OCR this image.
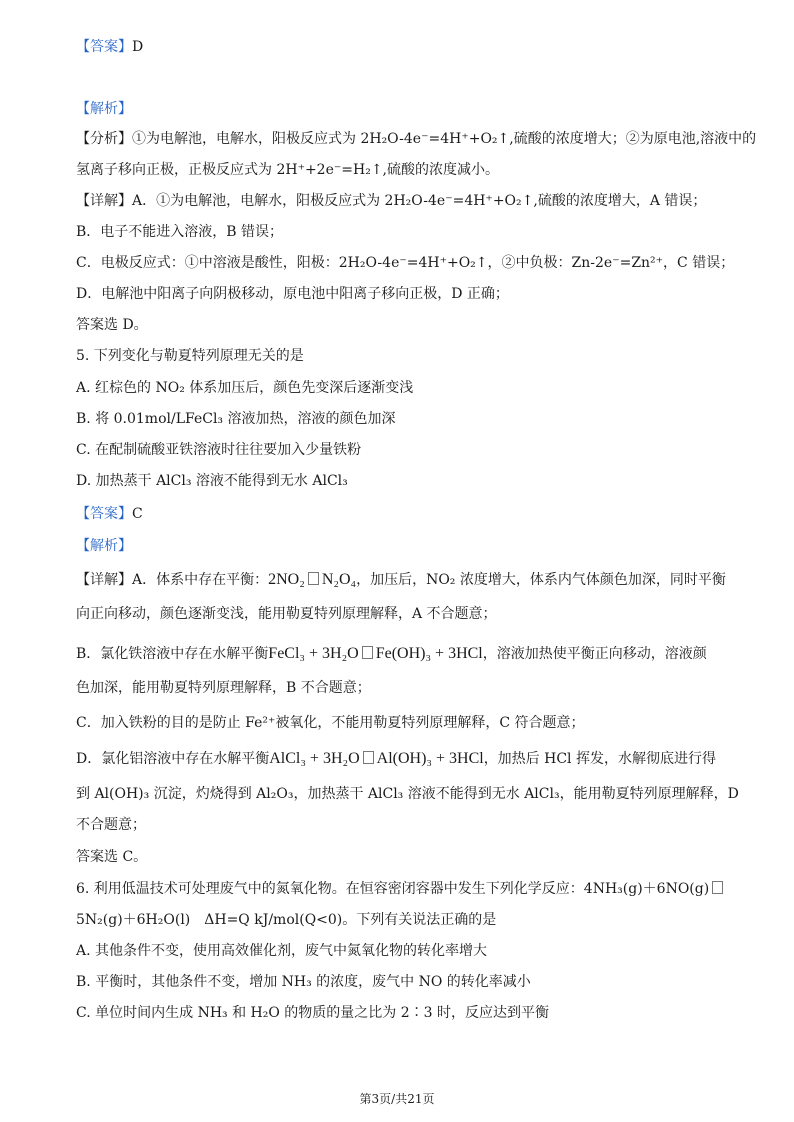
【答案】D
【解析】
【分析】①为电解池，电解水，阳极反应式为 2H₂O-4e⁻=4H⁺+O₂↑,硫酸的浓度增大；②为原电池,溶液中的
氢离子移向正极，正极反应式为 2H⁺+2e⁻=H₂↑,硫酸的浓度减小。
【详解】A．①为电解池，电解水，阳极反应式为 2H₂O-4e⁻=4H⁺+O₂↑,硫酸的浓度增大，A 错误；
B．电子不能进入溶液，B 错误；
C．电极反应式：①中溶液是酸性，阳极：2H₂O-4e⁻=4H⁺+O₂↑，②中负极：Zn-2e⁻=Zn²⁺，C 错误；
D．电解池中阳离子向阴极移动，原电池中阳离子移向正极，D 正确；
答案选 D。
5. 下列变化与勒夏特列原理无关的是
A. 红棕色的 NO₂ 体系加压后，颜色先变深后逐渐变浅
B. 将 0.01mol/LFeCl₃ 溶液加热，溶液的颜色加深
C. 在配制硫酸亚铁溶液时往往要加入少量铁粉
D. 加热蒸干 AlCl₃ 溶液不能得到无水 AlCl₃
【答案】C
【解析】
【详解】A．体系中存在平衡：2NO₂ N₂O₄，加压后，NO₂ 浓度增大，体系内气体颜色加深，同时平衡
向正向移动，颜色逐渐变浅，能用勒夏特列原理解释，A 不合题意；
B．氯化铁溶液中存在水解平衡FeCl₃ + 3H₂O Fe(OH)₃ + 3HCl，溶液加热使平衡正向移动，溶液颜
色加深，能用勒夏特列原理解释，B 不合题意；
C．加入铁粉的目的是防止 Fe²⁺被氧化，不能用勒夏特列原理解释，C 符合题意；
D．氯化铝溶液中存在水解平衡AlCl₃ + 3H₂O Al(OH)₃ + 3HCl，加热后 HCl 挥发，水解彻底进行得
到 Al(OH)₃ 沉淀，灼烧得到 Al₂O₃，加热蒸干 AlCl₃ 溶液不能得到无水 AlCl₃，能用勒夏特列原理解释，D
不合题意；
答案选 C。
6. 利用低温技术可处理废气中的氮氧化物。在恒容密闭容器中发生下列化学反应：4NH₃(g)＋6NO(g)
5N₂(g)＋6H₂O(l)　ΔH=Q kJ/mol(Q<0)。下列有关说法正确的是
A. 其他条件不变，使用高效催化剂，废气中氮氧化物的转化率增大
B. 平衡时，其他条件不变，增加 NH₃ 的浓度，废气中 NO 的转化率减小
C. 单位时间内生成 NH₃ 和 H₂O 的物质的量之比为 2∶3 时，反应达到平衡
第3页/共21页
